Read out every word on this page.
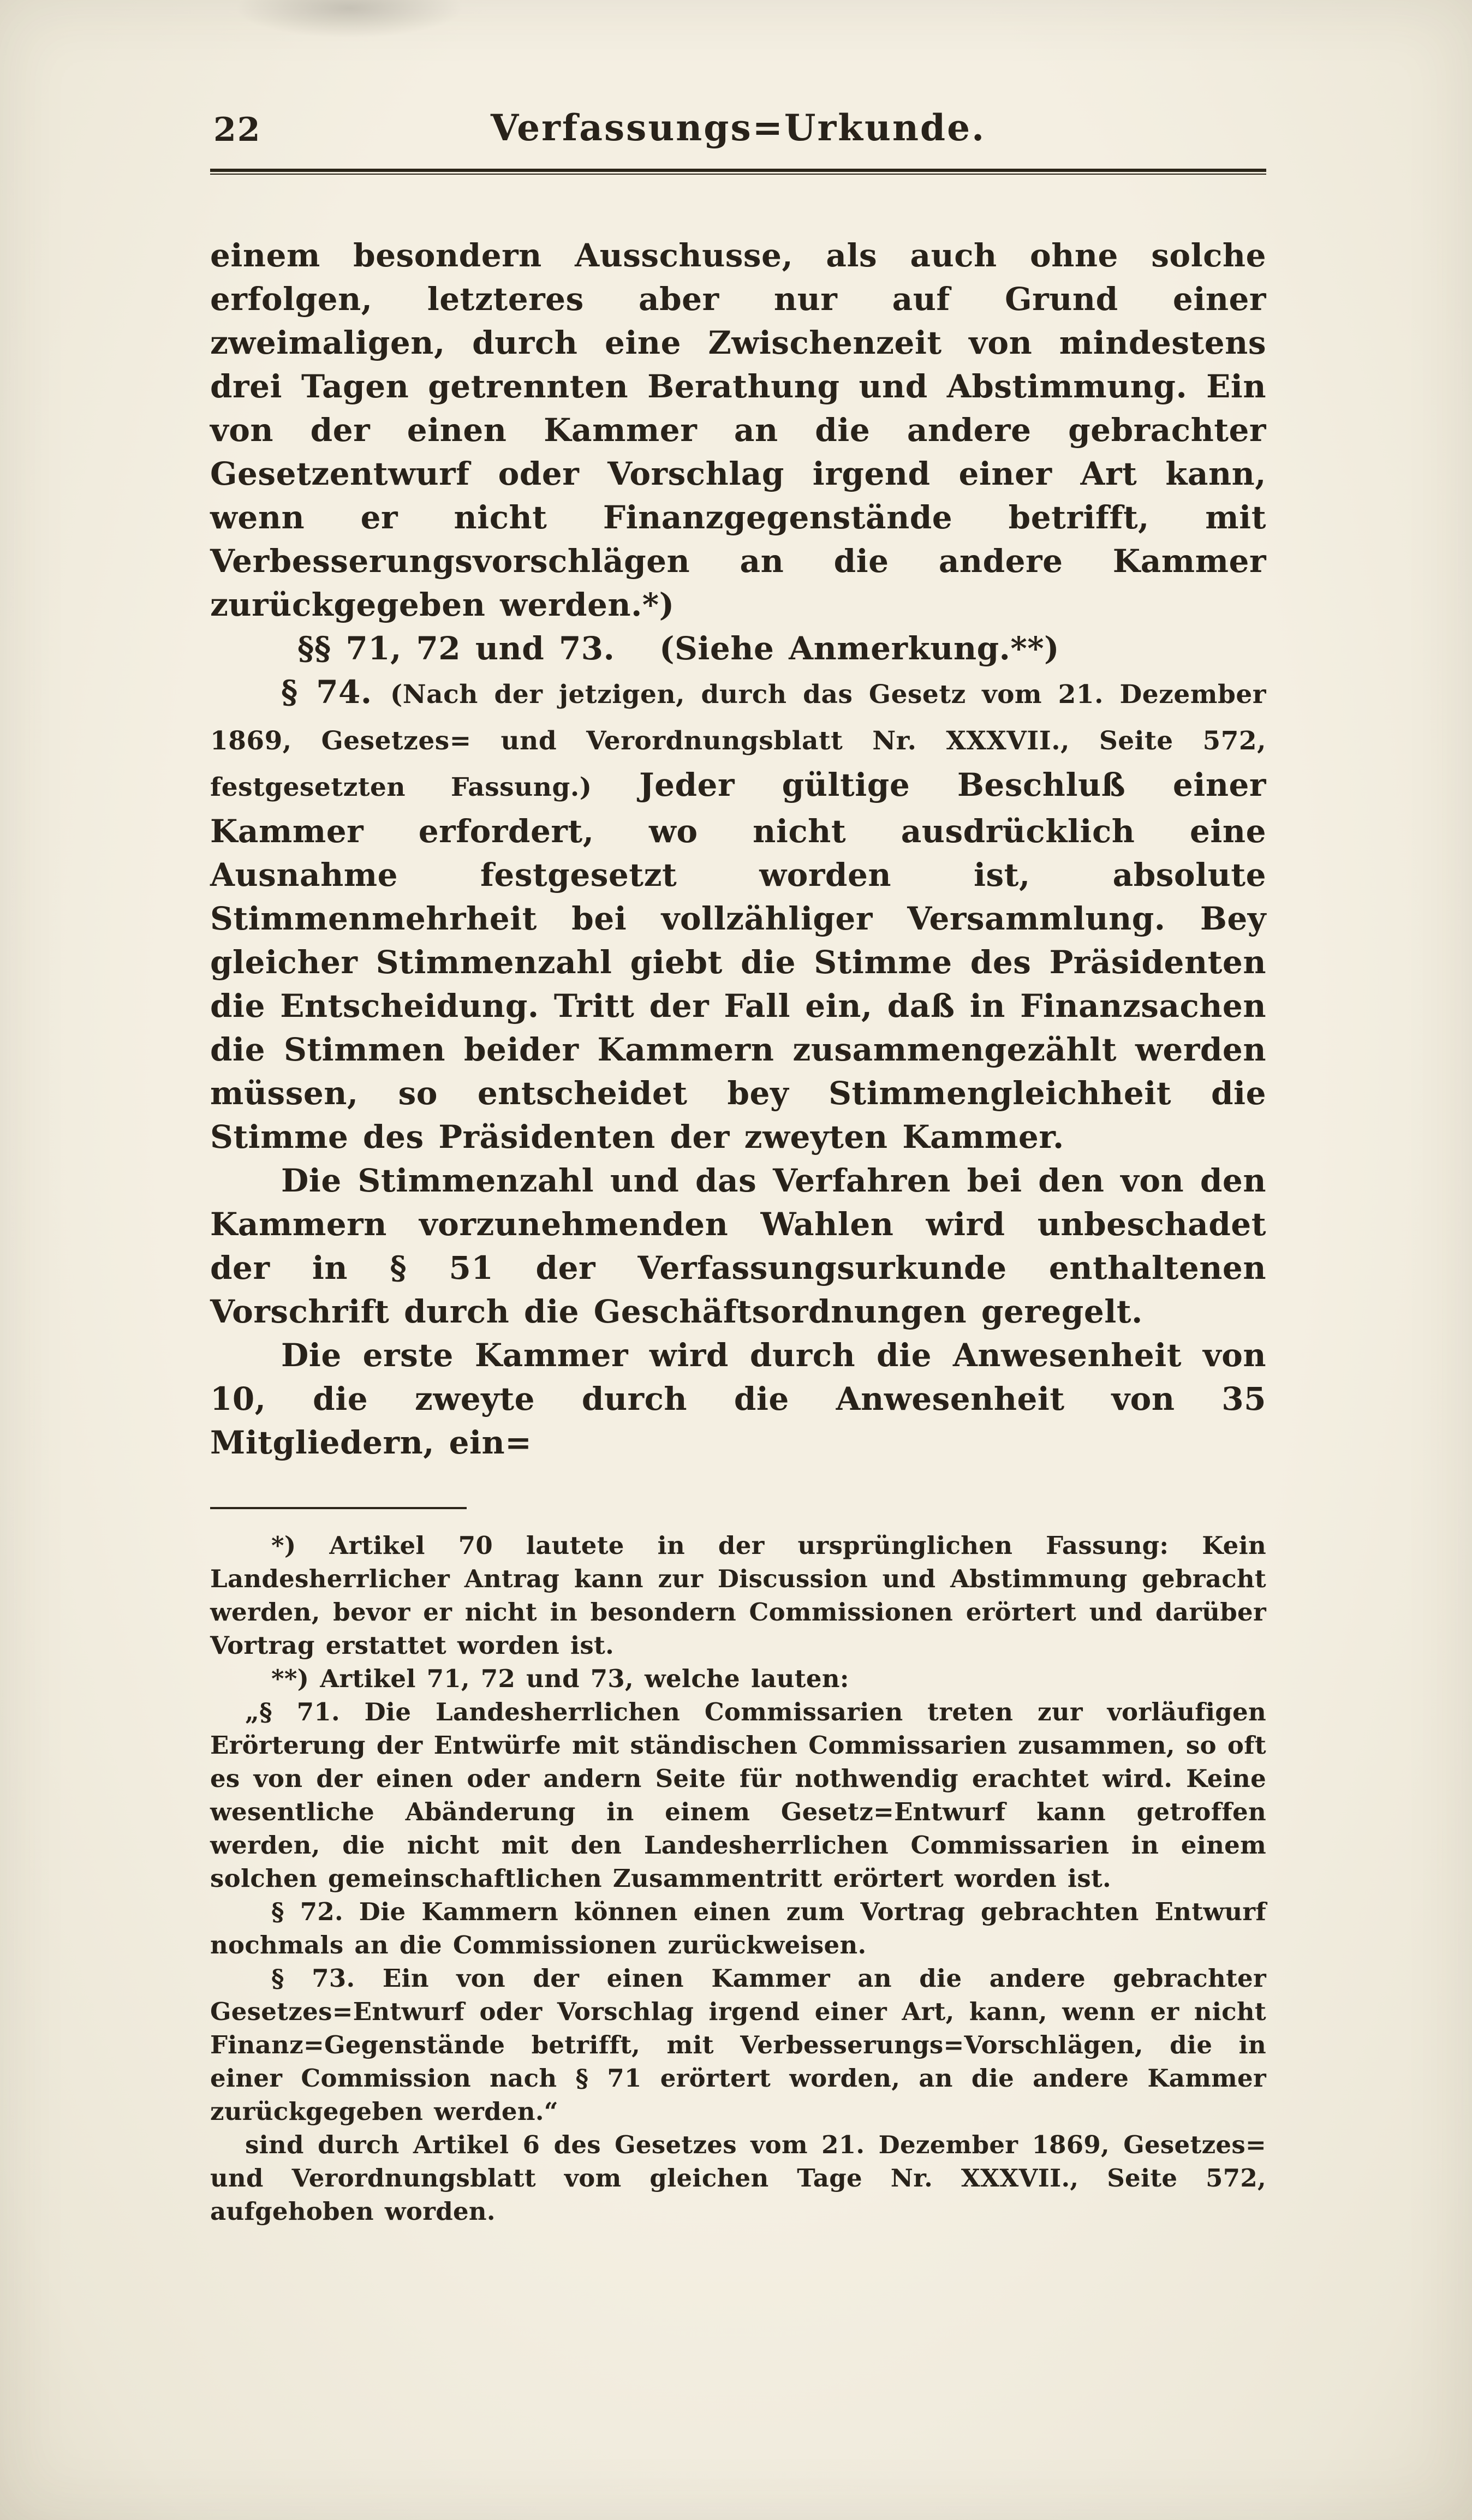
22	Verfassungs=Urkunde.

einem besondern Ausschusse, als auch ohne solche erfolgen, letzteres aber nur auf Grund einer zweimaligen, durch eine Zwischenzeit von mindestens drei Tagen getrennten Berathung und Abstimmung. Ein von der einen Kammer an die andere gebrachter Gesetzentwurf oder Vorschlag irgend einer Art kann, wenn er nicht Finanzgegenstände betrifft, mit Verbesserungsvorschlägen an die andere Kammer zurückgegeben werden.*)

§§ 71, 72 und 73. (Siehe Anmerkung.**)

§ 74. (Nach der jetzigen, durch das Gesetz vom 21. Dezember 1869, Gesetzes= und Verordnungsblatt Nr. XXXVII., Seite 572, festgesetzten Fassung.) Jeder gültige Beschluß einer Kammer erfordert, wo nicht ausdrücklich eine Ausnahme festgesetzt worden ist, absolute Stimmenmehrheit bei vollzähliger Versammlung. Bey gleicher Stimmenzahl giebt die Stimme des Präsidenten die Entscheidung. Tritt der Fall ein, daß in Finanzsachen die Stimmen beider Kammern zusammengezählt werden müssen, so entscheidet bey Stimmengleichheit die Stimme des Präsidenten der zweyten Kammer.

Die Stimmenzahl und das Verfahren bei den von den Kammern vorzunehmenden Wahlen wird unbeschadet der in § 51 der Verfassungsurkunde enthaltenen Vorschrift durch die Geschäftsordnungen geregelt.

Die erste Kammer wird durch die Anwesenheit von 10, die zweyte durch die Anwesenheit von 35 Mitgliedern, ein=

*) Artikel 70 lautete in der ursprünglichen Fassung: Kein Landesherrlicher Antrag kann zur Discussion und Abstimmung gebracht werden, bevor er nicht in besondern Commissionen erörtert und darüber Vortrag erstattet worden ist.

**) Artikel 71, 72 und 73, welche lauten:

„§ 71. Die Landesherrlichen Commissarien treten zur vorläufigen Erörterung der Entwürfe mit ständischen Commissarien zusammen, so oft es von der einen oder andern Seite für nothwendig erachtet wird. Keine wesentliche Abänderung in einem Gesetz=Entwurf kann getroffen werden, die nicht mit den Landesherrlichen Commissarien in einem solchen gemeinschaftlichen Zusammentritt erörtert worden ist.

§ 72. Die Kammern können einen zum Vortrag gebrachten Entwurf nochmals an die Commissionen zurückweisen.

§ 73. Ein von der einen Kammer an die andere gebrachter Gesetzes=Entwurf oder Vorschlag irgend einer Art, kann, wenn er nicht Finanz=Gegenstände betrifft, mit Verbesserungs=Vorschlägen, die in einer Commission nach § 71 erörtert worden, an die andere Kammer zurückgegeben werden.“

sind durch Artikel 6 des Gesetzes vom 21. Dezember 1869, Gesetzes= und Verordnungsblatt vom gleichen Tage Nr. XXXVII., Seite 572, aufgehoben worden.
